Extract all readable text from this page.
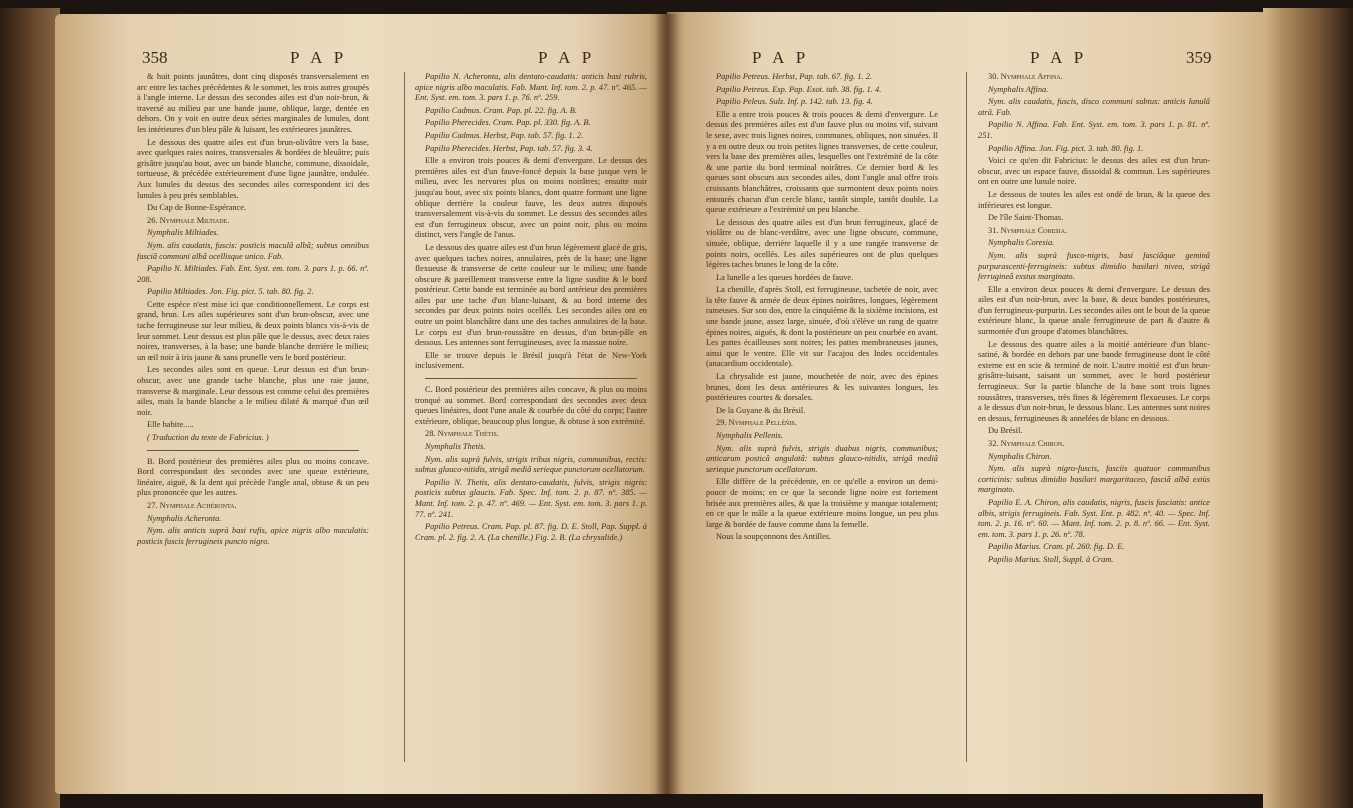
358	P A P	P A P	P A P	P A P	359

& huit points jaunâtres, dont cinq disposés transversalement en arc entre les taches précédentes & le sommet, les trois autres groupés à l'angle interne. Le dessus des secondes ailes est d'un noir-brun, & traversé au milieu par une bande jaune, oblique, large, dentée en dehors. On y voit en outre deux séries marginales de lunules, dont les intérieures d'un bleu pâle & luisant, les extérieures jaunâtres.

Le dessous des quatre ailes est d'un brun-olivâtre vers la base, avec quelques raies noires, transversales & bordées de bleuâtre; puis grisâtre jusqu'au bout, avec un bande blanche, commune, dissoidale, tortueuse, & précédée extérieurement d'une ligne jaunâtre, ondulée. Aux lunules du dessus des secondes ailes correspondent ici des lunules à peu près semblables.

Du Cap de Bonne-Espérance.

26. Nymphale Miltiade.

Nymphalis Miltiades.

Nym. alis caudatis, fuscis: posticis maculâ albâ; subtus omnibus fasciâ communi albâ ocellisque unico. Fab.

Papilio N. Miltiades. Fab. Ent. Syst. em. tom. 3. pars 1. p. 66. nº. 208.

Papilio Miltiades. Jon. Fig. pict. 5. tab. 80. fig. 2.

Cette espèce n'est mise ici que conditionnellement. Le corps est grand, brun. Les ailes supérieures sont d'un brun-obscur, avec une tache ferrugineuse sur leur milieu, & deux points blancs vis-à-vis de leur sommet. Leur dessus est plus pâle que le dessus, avec deux raies noires, transverses, à la base; une bande blanche derrière le milieu; un œil noir à iris jaune & sans prunelle vers le bord postérieur.

Les secondes ailes sont en queue. Leur dessus est d'un brun-obscur, avec une grande tache blanche, plus une raie jaune, transverse & marginale. Leur dessous est comme celui des premières ailes, mais la bande blanche a le milieu dilaté & marqué d'un œil noir.

Elle habite.....

( Traduction du texte de Fabricius. )

B. Bord postérieur des premières ailes plus ou moins concave. Bord correspondant des secondes avec une queue extérieure, linéaire, aiguë, & la dent qui précède l'angle anal, obtuse & un peu plus prononcée que les autres.

27. Nymphale Achéronta.

Nymphalis Acheronta.

Nym. alis anticis suprà basi rufis, apice nigris albo maculatis: posticis fuscis ferrugineis puncto nigro.

Papilio N. Acheronta, alis dentato-caudatis: anticis basi rubris, apice nigris albo maculatis. Fab. Mant. Inf. tom. 2. p. 47. nº. 465. — Ent. Syst. em. tom. 3. pars 1. p. 76. nº. 259.

Papilio Cadmus. Cram. Pap. pl. 22. fig. A. B.

Papilio Pherecides. Cram. Pap. pl. 330. fig. A. B.

Papilio Cadmus. Herbst, Pap. tab. 57. fig. 1. 2.

Papilio Pherecides. Herbst, Pap. tab. 57. fig. 3. 4.

Elle a environ trois pouces & demi d'envergure. Le dessus des premières ailes est d'un fauve-foncé depuis la base jusque vers le milieu, avec les nervures plus ou moins noirâtres; ensuite noir jusqu'au bout, avec six points blancs, dont quatre formant une ligne oblique derrière la couleur fauve, les deux autres disposés transversalement vis-à-vis du sommet. Le dessus des secondes ailes est d'un ferrugineux obscur, avec un point noir, plus ou moins distinct, vers l'angle de l'anus.

Le dessous des quatre ailes est d'un brun légèrement glacé de gris, avec quelques taches noires, annulaires, près de la base; une ligne flexueuse & transverse de cette couleur sur le milieu; une bande obscure & pareillement transverse entre la ligne susdite & le bord postérieur. Cette bande est terminée au bord antérieur des premières ailes par une tache d'un blanc-luisant, & au bord interne des secondes par deux points noirs ocellés. Les secondes ailes ont en outre un point blanchâtre dans une des taches annulaires de la base. Le corps est d'un brun-roussâtre en dessus, d'un brun-pâle en dessous. Les antennes sont ferrugineuses, avec la massue noire.

Elle se trouve depuis le Brésil jusqu'à l'état de New-York inclusivement.

C. Bord postérieur des premières ailes concave, & plus ou moins tronqué au sommet. Bord correspondant des secondes avec deux queues linéaires, dont l'une anale & courbée du côté du corps; l'autre extérieure, oblique, beaucoup plus longue, & obtuse à son extrémité.

28. Nymphale Thétis.

Nymphalis Thetis.

Nym. alis suprà fulvis, strigis tribus nigris, communibus, rectis: subtus glauco-nitidis, strigâ mediâ serieque punctorum ocellatorum.

Papilio N. Thetis, alis dentato-caudatis, fulvis, strigis nigris: posticis subtus glaucis. Fab. Spec. Inf. tom. 2. p. 87. nº. 385. — Mant. Inf. tom. 2. p. 47. nº. 469. — Ent. Syst. em. tom. 3. pars 1. p. 77. nº. 241.

Papilio Petreus. Cram. Pap. pl. 87. fig. D. E. Stoll, Pap. Suppl. à Cram. pl. 2. fig. 2. A. (La chenille.) Fig. 2. B. (La chrysalide.)

Papilio Petreus. Herbst, Pap. tab. 67. fig. 1. 2.

Papilio Petreus. Esp. Pap. Exot. tab. 38. fig. 1. 4.

Papilio Peleus. Sulz. Inf. p. 142. tab. 13. fig. 4.

Elle a entre trois pouces & trois pouces & demi d'envergure. Le dessus des premières ailes est d'un fauve plus ou moins vif, suivant le sexe, avec trois lignes noires, communes, obliques, non sinuées. Il y a en outre deux ou trois petites lignes transverses, de cette couleur, vers la base des premières ailes, lesquelles ont l'extrémité de la côte & une partie du bord terminal noirâtres. Ce dernier bord & les queues sont obscurs aux secondes ailes, dont l'angle anal offre trois croissants blanchâtres, croissants que surmontent deux points noirs entourés chacun d'un cercle blanc, tantôt simple, tantôt double. La queue extérieure a l'extrémité un peu blanche.

Le dessous des quatre ailes est d'un brun ferrugineux, glacé de violâtre ou de blanc-verdâtre, avec une ligne obscure, commune, sinuée, oblique, derrière laquelle il y a une rangée transverse de points noirs, ocellés. Les ailes supérieures ont de plus quelques légères taches brunes le long de la côte.

La lunelle a les queues bordées de fauve.

La chenille, d'après Stoll, est ferrugineuse, tachetée de noir, avec la tête fauve & armée de deux épines noirâtres, longues, légèrement rameuses. Sur son dos, entre la cinquième & la sixième incisions, est une bande jaune, assez large, sinuée, d'où s'élève un rang de quatre épines noires, aiguës, & dont la postérieure un peu courbée en avant. Les pattes écailleuses sont noires; les pattes membraneuses jaunes, ainsi que le ventre. Elle vit sur l'acajou des Indes occidentales (anacardium occidentale).

La chrysalide est jaune, mouchetée de noir, avec des épines brunes, dont les deux antérieures & les suivantes longues, les postérieures courtes & dorsales.

De la Guyane & du Brésil.

29. Nymphale Pelléńis.

Nymphalis Pellenis.

Nym. alis suprà fulvis, strigis duabus nigris, communibus; anticarum posticâ angulatâ: subtus glauco-nitidis, strigâ mediâ serieque punctorum ocellatorum.

Elle diffère de la précédente, en ce qu'elle a environ un demi-pouce de moins; en ce que la seconde ligne noire est fortement brisée aux premières ailes, & que la troisième y manque totalement; en ce que le mâle a la queue extérieure moins longue, un peu plus large & bordée de fauve comme dans la femelle.

Nous la soupçonnons des Antilles.

30. Nymphale Affina.

Nymphalis Affina.

Nym. alis caudatis, fuscis, disco communi subtus: anticis lunulâ atrâ. Fab.

Papilio N. Affina. Fab. Ent. Syst. em. tom. 3. pars 1. p. 81. nº. 251.

Papilio Affina. Jon. Fig. pict. 3. tab. 80. fig. 1.

Voici ce qu'en dit Fabricius: le dessus des ailes est d'un brun-obscur, avec un espace fauve, dissoidal & commun. Les supérieures ont en outre une lunule noire.

Le dessous de toutes les ailes est ondé de brun, & la queue des inférieures est longue.

De l'île Saint-Thomas.

31. Nymphale Coresia.

Nymphalis Coresia.

Nym. alis suprà fusco-nigris, basi fasciâque geminâ purpurascenti-ferrugineis: subtus dimidio basilari niveo, strigâ ferrugineâ exstus marginato.

Elle a environ deux pouces & demi d'envergure. Le dessus des ailes est d'un noir-brun, avec la base, & deux bandes postérieures, d'un ferrugineux-purpurin. Les secondes ailes ont le bout de la queue extérieure blanc, la queue anale ferrugineuse de part & d'autre & surmontée d'un groupe d'atomes blanchâtres.

Le dessous des quatre ailes a la moitié antérieure d'un blanc-satiné, & bordée en dehors par une bande ferrugineuse dont le côté externe est en scie & terminé de noir. L'autre moitié est d'un brun-grisâtre-luisant, saisant un sommet, avec le bord postérieur ferrugineux. Sur la partie blanche de la base sont trois lignes roussâtres, transverses, très fines & légèrement flexueuses. Le corps a le dessus d'un noir-brun, le dessous blanc. Les antennes sont noires en dessus, ferrugineuses & annelées de blanc en dessous.

Du Brésil.

32. Nymphale Chiron.

Nymphalis Chiron.

Nym. alis suprà nigro-fuscis, fasciis quatuor communibus corticinis: subtus dimidio basilari margaritaceo, fasciâ albâ extùs marginato.

Papilio E. A. Chiron, alis caudatis, nigris, fuscis fasciatis: antice albis, strigis ferrugineis. Fab. Syst. Ent. p. 482. nº. 40. — Spec. Inf. tom. 2. p. 16. nº. 60. — Mant. Inf. tom. 2. p. 8. nº. 66. — Ent. Syst. em. tom. 3. pars 1. p. 26. nº. 78.

Papilio Marius. Cram. pl. 260. fig. D. E.

Papilio Marius. Stoll, Suppl. à Cram.
